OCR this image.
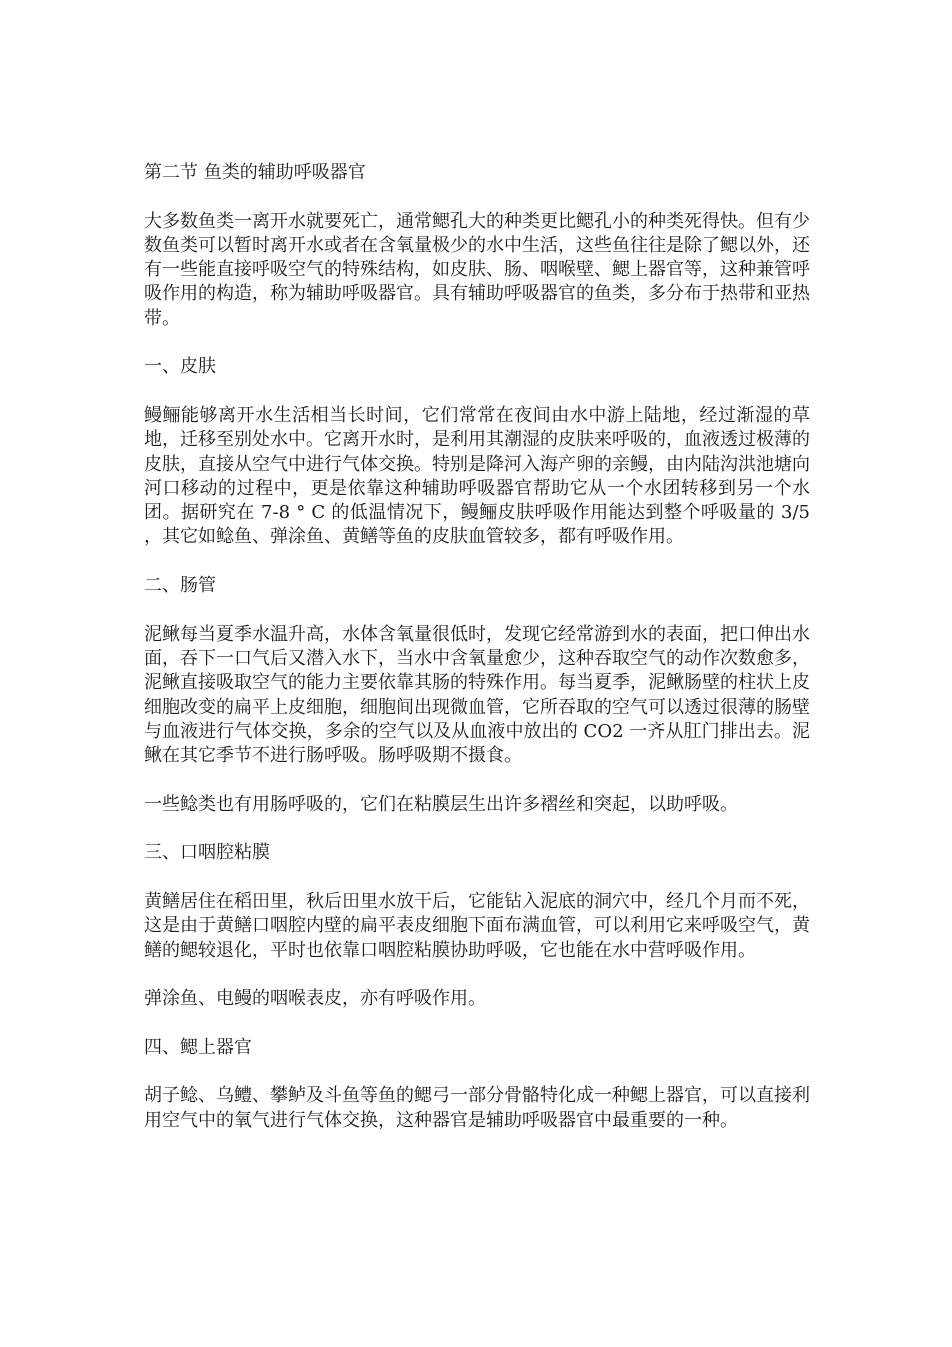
第二节 鱼类的辅助呼吸器官
大多数鱼类一离开水就要死亡，通常鳃孔大的种类更比鳃孔小的种类死得快。但有少数鱼类可以暂时离开水或者在含氧量极少的水中生活，这些鱼往往是除了鳃以外，还有一些能直接呼吸空气的特殊结构，如皮肤、肠、咽喉壁、鳃上器官等，这种兼管呼吸作用的构造，称为辅助呼吸器官。具有辅助呼吸器官的鱼类，多分布于热带和亚热带。
一、皮肤
鳗鲡能够离开水生活相当长时间，它们常常在夜间由水中游上陆地，经过渐湿的草地，迁移至别处水中。它离开水时，是利用其潮湿的皮肤来呼吸的，血液透过极薄的皮肤，直接从空气中进行气体交换。特别是降河入海产卵的亲鳗，由内陆沟洪池塘向河口移动的过程中，更是依靠这种辅助呼吸器官帮助它从一个水团转移到另一个水团。据研究在 7-8 ° C 的低温情况下，鳗鲡皮肤呼吸作用能达到整个呼吸量的 3/5 ，其它如鲶鱼、弹涂鱼、黄鳝等鱼的皮肤血管较多，都有呼吸作用。
二、肠管
泥鳅每当夏季水温升高，水体含氧量很低时，发现它经常游到水的表面，把口伸出水面，吞下一口气后又潜入水下，当水中含氧量愈少，这种吞取空气的动作次数愈多，泥鳅直接吸取空气的能力主要依靠其肠的特殊作用。每当夏季，泥鳅肠壁的柱状上皮细胞改变的扁平上皮细胞，细胞间出现微血管，它所吞取的空气可以透过很薄的肠壁与血液进行气体交换，多余的空气以及从血液中放出的 CO2 一齐从肛门排出去。泥鳅在其它季节不进行肠呼吸。肠呼吸期不摄食。
一些鲶类也有用肠呼吸的，它们在粘膜层生出许多褶丝和突起，以助呼吸。
三、口咽腔粘膜
黄鳝居住在稻田里，秋后田里水放干后，它能钻入泥底的洞穴中，经几个月而不死，这是由于黄鳝口咽腔内壁的扁平表皮细胞下面布满血管，可以利用它来呼吸空气，黄鳝的鳃较退化，平时也依靠口咽腔粘膜协助呼吸，它也能在水中营呼吸作用。
弹涂鱼、电鳗的咽喉表皮，亦有呼吸作用。
四、鳃上器官
胡子鲶、乌鳢、攀鲈及斗鱼等鱼的鳃弓一部分骨骼特化成一种鳃上器官，可以直接利用空气中的氧气进行气体交换，这种器官是辅助呼吸器官中最重要的一种。
